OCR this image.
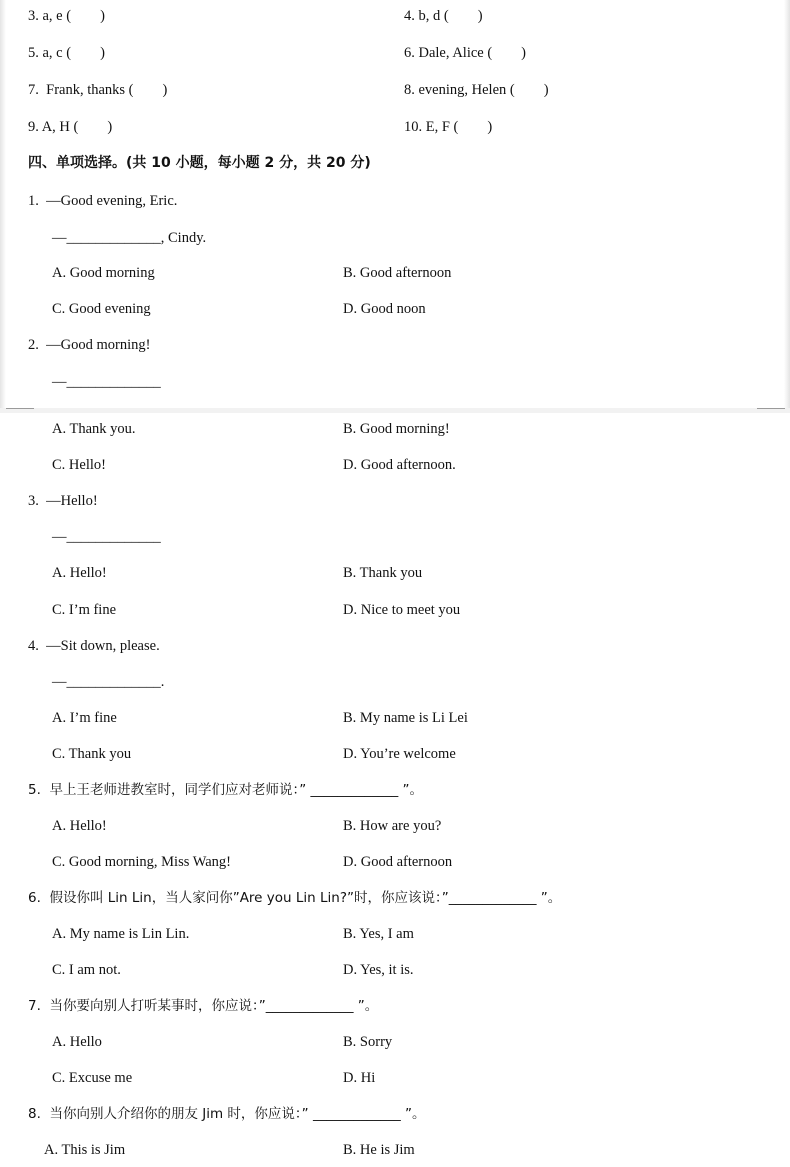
3. a, e (        )	4. b, d (        )
5. a, c (        )	6. Dale, Alice (        )
7.  Frank, thanks (        )	8. evening, Helen (        )
9. A, H (        )	10. E, F (        )
四、单项选择。(共 10 小题，每小题 2 分，共 20 分)
1.  —Good evening, Eric.
—_____________, Cindy.
A. Good morning	B. Good afternoon
C. Good evening	D. Good noon
2.  —Good morning!
—_____________
A. Thank you.	B. Good morning!
C. Hello!	D. Good afternoon.
3.  —Hello!
—_____________
A. Hello!	B. Thank you
C. I’m fine	D. Nice to meet you
4.  —Sit down, please.
—_____________.
A. I’m fine	B. My name is Li Lei
C. Thank you	D. You’re welcome
5.  早上王老师进教室时，同学们应对老师说：” _____________ ”。
A. Hello!	B. How are you?
C. Good morning, Miss Wang!	D. Good afternoon
6.  假设你叫 Lin Lin，当人家问你”Are you Lin Lin?”时，你应该说：”_____________ ”。
A. My name is Lin Lin.	B. Yes, I am
C. I am not.	D. Yes, it is.
7.  当你要向别人打听某事时，你应说：”_____________ ”。
A. Hello	B. Sorry
C. Excuse me	D. Hi
8.  当你向别人介绍你的朋友 Jim 时，你应说：” _____________ ”。
A. This is Jim	B. He is Jim
